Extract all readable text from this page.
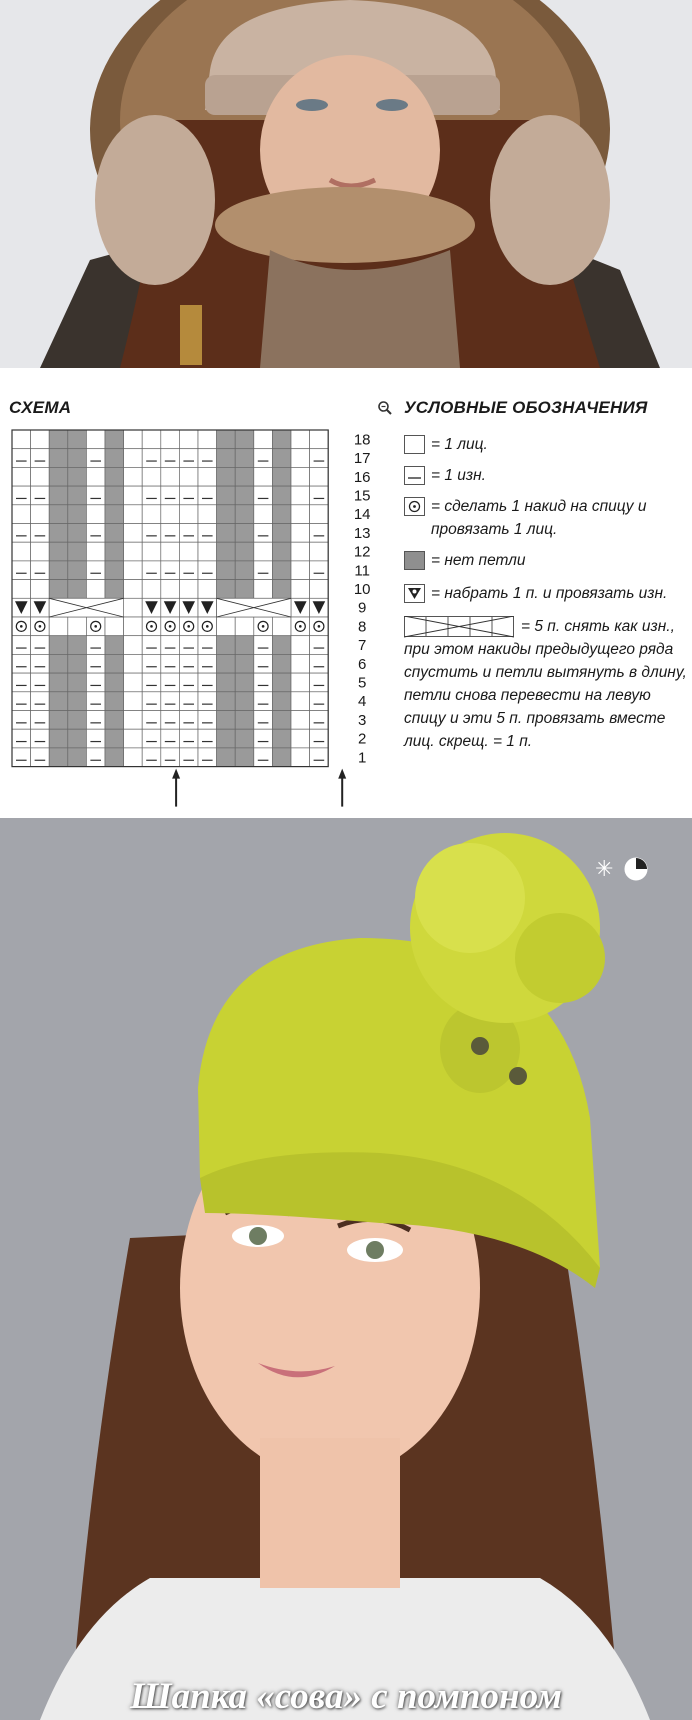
СХЕМА	УСЛОВНЫЕ ОБОЗНАЧЕНИЯ
18
17
16
15
14
13
12
11
10
9
8
7
6
5
4
3
2
1
= 1 лиц.
= 1 изн.
= сделать 1 накид на спицу и провязать 1 лиц.
= нет петли
= набрать 1 п. и провязать изн.
= 5 п. снять как изн., при этом накиды предыдущего ряда спустить и петли вытянуть в длину, петли снова перевести на левую спицу и эти 5 п. провязать вместе лиц. скрещ. = 1 п.
✳
Шапка «сова» с помпоном
